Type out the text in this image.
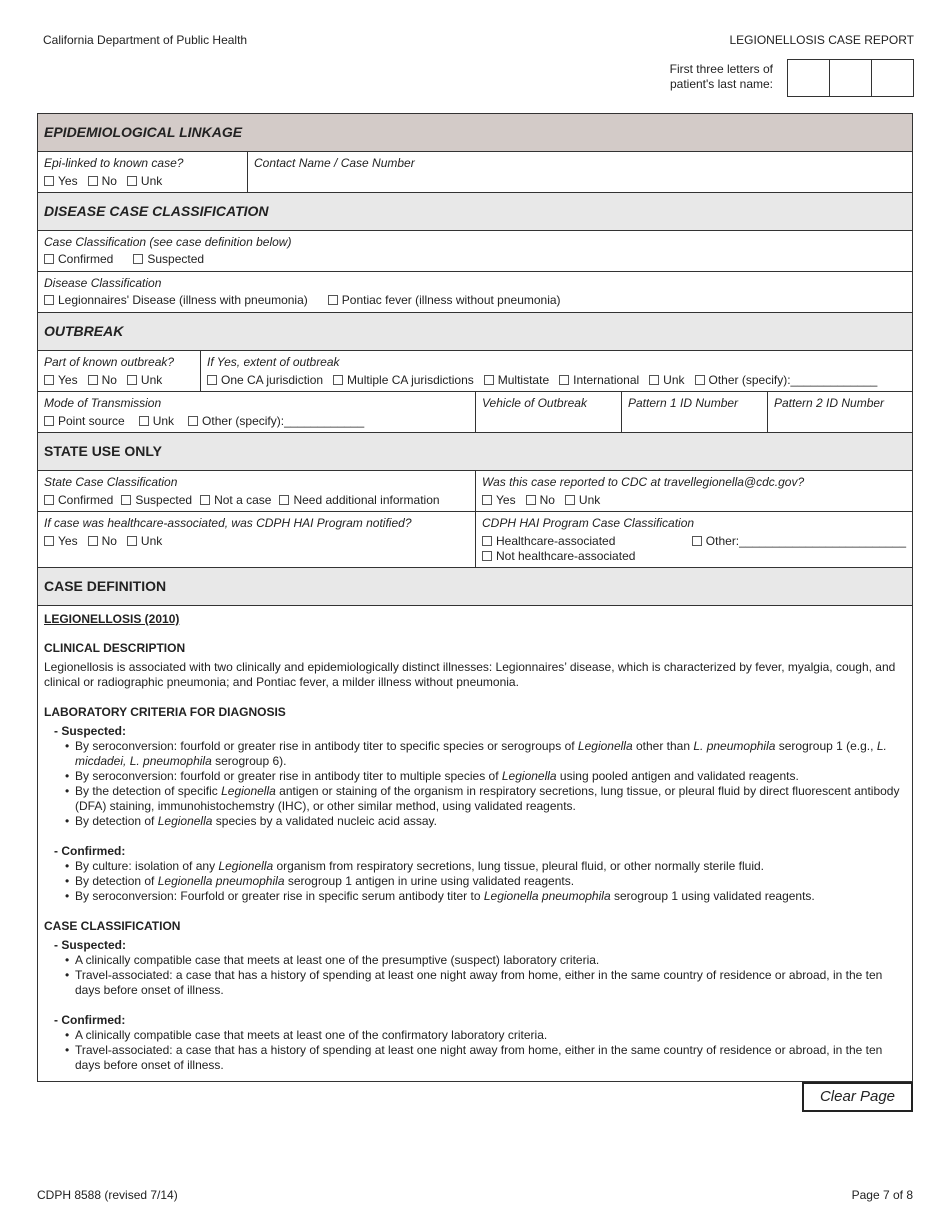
California Department of Public Health	LEGIONELLOSIS CASE REPORT
First three letters of
patient's last name:
EPIDEMIOLOGICAL LINKAGE
Epi-linked to known case?
Yes No Unk
Contact Name / Case Number
DISEASE CASE CLASSIFICATION
Case Classification (see case definition below)
Confirmed	Suspected
Disease Classification
Legionnaires' Disease (illness with pneumonia)	Pontiac fever (illness without pneumonia)
OUTBREAK
Part of known outbreak?
Yes No Unk
If Yes, extent of outbreak
One CA jurisdiction Multiple CA jurisdictions Multistate International Unk Other (specify):_____________
Mode of Transmission
Point source Unk Other (specify):____________
Vehicle of Outbreak	Pattern 1 ID Number	Pattern 2 ID Number
STATE USE ONLY
State Case Classification
Confirmed Suspected Not a case Need additional information
Was this case reported to CDC at travellegionella@cdc.gov?
Yes No Unk
If case was healthcare-associated, was CDPH HAI Program notified?
Yes No Unk
CDPH HAI Program Case Classification
Healthcare-associated	Other:_________________________
Not healthcare-associated
CASE DEFINITION
LEGIONELLOSIS (2010)
CLINICAL DESCRIPTION

Legionellosis is associated with two clinically and epidemiologically distinct illnesses: Legionnaires’ disease, which is characterized by fever, myalgia, cough, and clinical or radiographic pneumonia; and Pontiac fever, a milder illness without pneumonia.

LABORATORY CRITERIA FOR DIAGNOSIS
- Suspected:
• By seroconversion: fourfold or greater rise in antibody titer to specific species or serogroups of Legionella other than L. pneumophila serogroup 1 (e.g., L. micdadei, L. pneumophila serogroup 6).
• By seroconversion: fourfold or greater rise in antibody titer to multiple species of Legionella using pooled antigen and validated reagents.
• By the detection of specific Legionella antigen or staining of the organism in respiratory secretions, lung tissue, or pleural fluid by direct fluorescent antibody (DFA) staining, immunohistochemstry (IHC), or other similar method, using validated reagents.
• By detection of Legionella species by a validated nucleic acid assay.
- Confirmed:
• By culture: isolation of any Legionella organism from respiratory secretions, lung tissue, pleural fluid, or other normally sterile fluid.
• By detection of Legionella pneumophila serogroup 1 antigen in urine using validated reagents.
• By seroconversion: Fourfold or greater rise in specific serum antibody titer to Legionella pneumophila serogroup 1 using validated reagents.
CASE CLASSIFICATION
- Suspected:
• A clinically compatible case that meets at least one of the presumptive (suspect) laboratory criteria.
• Travel-associated: a case that has a history of spending at least one night away from home, either in the same country of residence or abroad, in the ten days before onset of illness.
- Confirmed:
• A clinically compatible case that meets at least one of the confirmatory laboratory criteria.
• Travel-associated: a case that has a history of spending at least one night away from home, either in the same country of residence or abroad, in the ten days before onset of illness.
Clear Page
CDPH 8588 (revised 7/14)	Page 7 of 8
